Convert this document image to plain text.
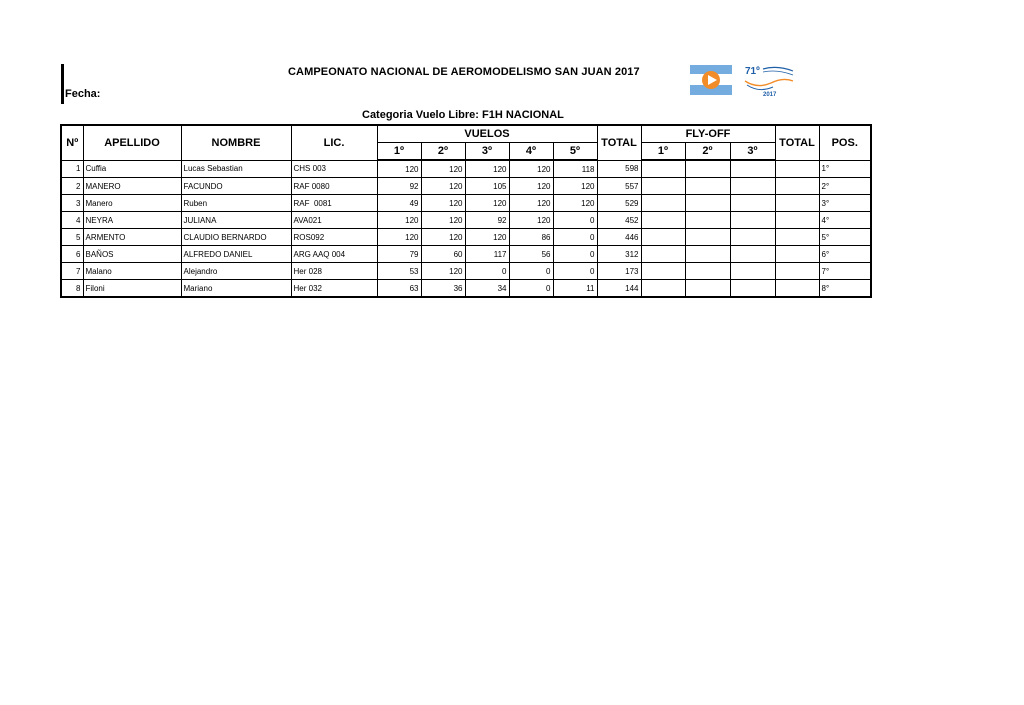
CAMPEONATO NACIONAL DE AEROMODELISMO SAN JUAN 2017
Fecha:
Categoria Vuelo Libre: F1H NACIONAL
71º
2017
Nº	APELLIDO	NOMBRE	LIC.	VUELOS					TOTAL	FLY-OFF			TOTAL	POS.
				1º	2º	3º	4º	5º		1º	2º	3º		
1	Cuffia	Lucas Sebastian	CHS 003	120	120	120	120	118	598					1°
2	MANERO	FACUNDO	RAF 0080	92	120	105	120	120	557					2°
3	Manero	Ruben	RAF  0081	49	120	120	120	120	529					3°
4	NEYRA	JULIANA	AVA021	120	120	92	120	0	452					4°
5	ARMENTO	CLAUDIO BERNARDO	ROS092	120	120	120	86	0	446					5°
6	BAÑOS	ALFREDO DANIEL	ARG AAQ 004	79	60	117	56	0	312					6°
7	Malano	Alejandro	Her 028	53	120	0	0	0	173					7°
8	Filoni	Mariano	Her 032	63	36	34	0	11	144					8°
